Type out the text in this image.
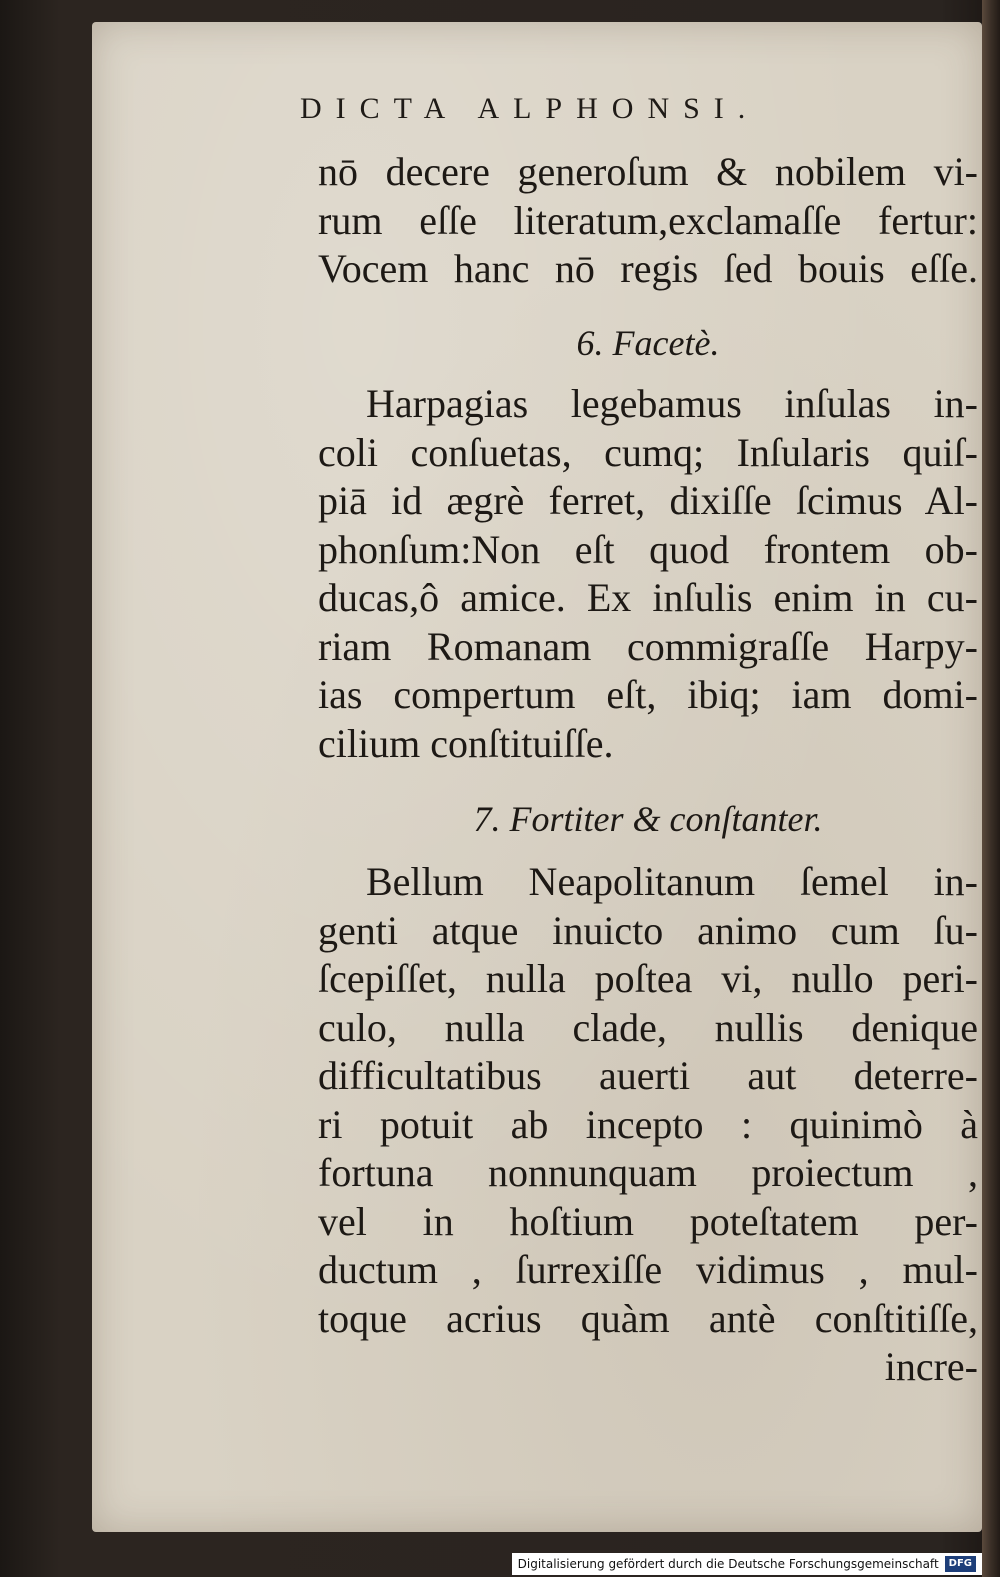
DICTA ALPHONSI.
nō decere generoſum & nobilem vi-
rum eſſe literatum,exclamaſſe fertur:
Vocem hanc nō regis ſed bouis eſſe.
6. Facetè.
Harpagias legebamus inſulas in-
coli conſuetas, cumq; Inſularis quiſ-
piā id ægrè ferret, dixiſſe ſcimus Al-
phonſum:Non eſt quod frontem ob-
ducas,ô amice. Ex inſulis enim in cu-
riam Romanam commigraſſe Harpy-
ias compertum eſt, ibiq; iam domi-
cilium conſtituiſſe.
7. Fortiter & conſtanter.
Bellum Neapolitanum ſemel in-
genti atque inuicto animo cum ſu-
ſcepiſſet, nulla poſtea vi, nullo peri-
culo, nulla clade, nullis denique
difficultatibus auerti aut deterre-
ri potuit ab incepto : quinimò à
fortuna nonnunquam proiectum ,
vel in hoſtium poteſtatem per-
ductum , ſurrexiſſe vidimus , mul-
toque acrius quàm antè conſtitiſſe,
incre-
Digitalisierung gefördert durch die Deutsche Forschungsgemeinschaft	DFG
